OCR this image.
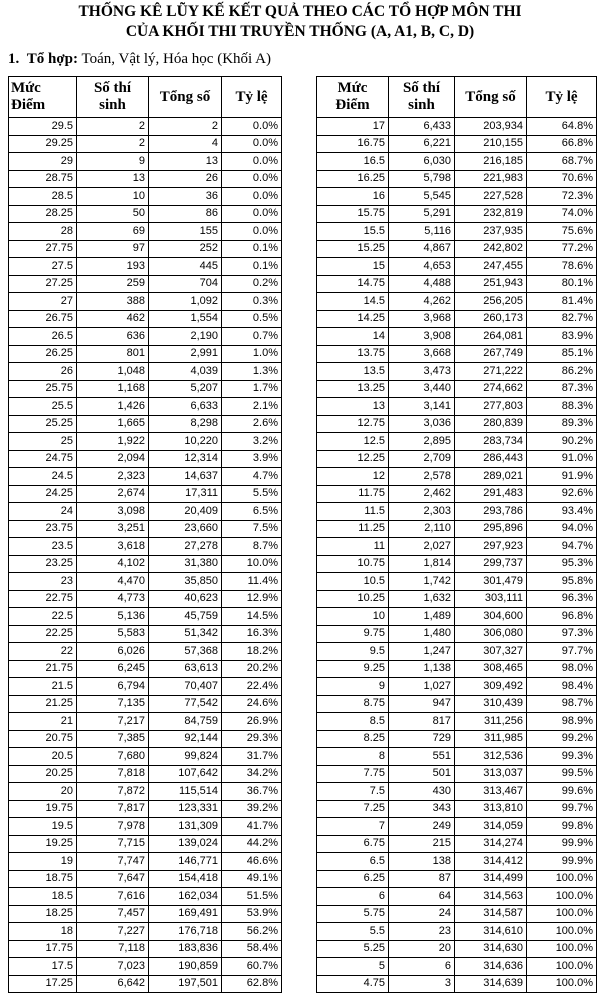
THỐNG KÊ LŨY KẾ KẾT QUẢ THEO CÁC TỔ HỢP MÔN THI
CỦA KHỐI THI TRUYỀN THỐNG (A, A1, B, C, D)
1. Tổ hợp: Toán, Vật lý, Hóa học (Khối A)
Mức Điểm	Số thí sinh	Tổng số	Tỷ lệ
29.5	2	2	0.0%
29.25	2	4	0.0%
29	9	13	0.0%
28.75	13	26	0.0%
28.5	10	36	0.0%
28.25	50	86	0.0%
28	69	155	0.0%
27.75	97	252	0.1%
27.5	193	445	0.1%
27.25	259	704	0.2%
27	388	1,092	0.3%
26.75	462	1,554	0.5%
26.5	636	2,190	0.7%
26.25	801	2,991	1.0%
26	1,048	4,039	1.3%
25.75	1,168	5,207	1.7%
25.5	1,426	6,633	2.1%
25.25	1,665	8,298	2.6%
25	1,922	10,220	3.2%
24.75	2,094	12,314	3.9%
24.5	2,323	14,637	4.7%
24.25	2,674	17,311	5.5%
24	3,098	20,409	6.5%
23.75	3,251	23,660	7.5%
23.5	3,618	27,278	8.7%
23.25	4,102	31,380	10.0%
23	4,470	35,850	11.4%
22.75	4,773	40,623	12.9%
22.5	5,136	45,759	14.5%
22.25	5,583	51,342	16.3%
22	6,026	57,368	18.2%
21.75	6,245	63,613	20.2%
21.5	6,794	70,407	22.4%
21.25	7,135	77,542	24.6%
21	7,217	84,759	26.9%
20.75	7,385	92,144	29.3%
20.5	7,680	99,824	31.7%
20.25	7,818	107,642	34.2%
20	7,872	115,514	36.7%
19.75	7,817	123,331	39.2%
19.5	7,978	131,309	41.7%
19.25	7,715	139,024	44.2%
19	7,747	146,771	46.6%
18.75	7,647	154,418	49.1%
18.5	7,616	162,034	51.5%
18.25	7,457	169,491	53.9%
18	7,227	176,718	56.2%
17.75	7,118	183,836	58.4%
17.5	7,023	190,859	60.7%
17.25	6,642	197,501	62.8%
Mức Điểm	Số thí sinh	Tổng số	Tỷ lệ
17	6,433	203,934	64.8%
16.75	6,221	210,155	66.8%
16.5	6,030	216,185	68.7%
16.25	5,798	221,983	70.6%
16	5,545	227,528	72.3%
15.75	5,291	232,819	74.0%
15.5	5,116	237,935	75.6%
15.25	4,867	242,802	77.2%
15	4,653	247,455	78.6%
14.75	4,488	251,943	80.1%
14.5	4,262	256,205	81.4%
14.25	3,968	260,173	82.7%
14	3,908	264,081	83.9%
13.75	3,668	267,749	85.1%
13.5	3,473	271,222	86.2%
13.25	3,440	274,662	87.3%
13	3,141	277,803	88.3%
12.75	3,036	280,839	89.3%
12.5	2,895	283,734	90.2%
12.25	2,709	286,443	91.0%
12	2,578	289,021	91.9%
11.75	2,462	291,483	92.6%
11.5	2,303	293,786	93.4%
11.25	2,110	295,896	94.0%
11	2,027	297,923	94.7%
10.75	1,814	299,737	95.3%
10.5	1,742	301,479	95.8%
10.25	1,632	303,111	96.3%
10	1,489	304,600	96.8%
9.75	1,480	306,080	97.3%
9.5	1,247	307,327	97.7%
9.25	1,138	308,465	98.0%
9	1,027	309,492	98.4%
8.75	947	310,439	98.7%
8.5	817	311,256	98.9%
8.25	729	311,985	99.2%
8	551	312,536	99.3%
7.75	501	313,037	99.5%
7.5	430	313,467	99.6%
7.25	343	313,810	99.7%
7	249	314,059	99.8%
6.75	215	314,274	99.9%
6.5	138	314,412	99.9%
6.25	87	314,499	100.0%
6	64	314,563	100.0%
5.75	24	314,587	100.0%
5.5	23	314,610	100.0%
5.25	20	314,630	100.0%
5	6	314,636	100.0%
4.75	3	314,639	100.0%
